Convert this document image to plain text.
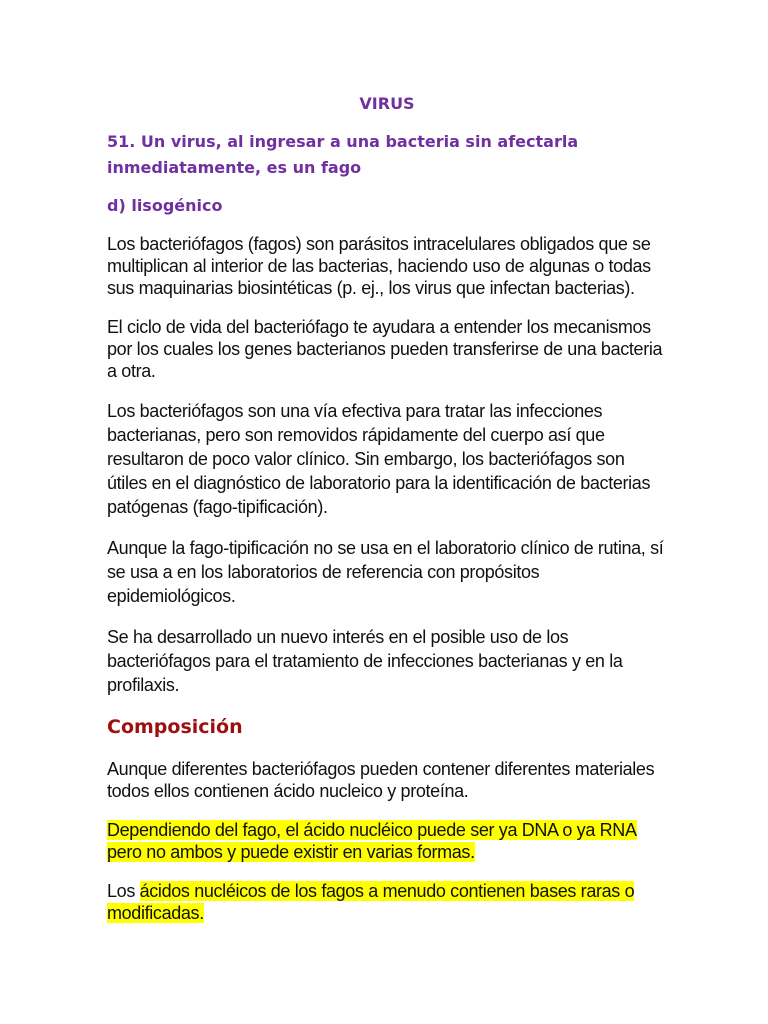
VIRUS
51. Un virus, al ingresar a una bacteria sin afectarla inmediatamente, es un fago
d) lisogénico

Los bacteriófagos (fagos) son parásitos intracelulares obligados que se multiplican al interior de las bacterias, haciendo uso de algunas o todas sus maquinarias biosintéticas (p. ej., los virus que infectan bacterias).

El ciclo de vida del bacteriófago te ayudara a entender los mecanismos por los cuales los genes bacterianos pueden transferirse de una bacteria a otra.

Los bacteriófagos son una vía efectiva para tratar las infecciones bacterianas, pero son removidos rápidamente del cuerpo así que resultaron de poco valor clínico. Sin embargo, los bacteriófagos son útiles en el diagnóstico de laboratorio para la identificación de bacterias patógenas (fago-tipificación).

Aunque la fago-tipificación no se usa en el laboratorio clínico de rutina, sí se usa a en los laboratorios de referencia con propósitos epidemiológicos.

Se ha desarrollado un nuevo interés en el posible uso de los bacteriófagos para el tratamiento de infecciones bacterianas y en la profilaxis.

Composición

Aunque diferentes bacteriófagos pueden contener diferentes materiales todos ellos contienen ácido nucleico y proteína.

Dependiendo del fago, el ácido nucléico puede ser ya DNA o ya RNA pero no ambos y puede existir en varias formas.

Los ácidos nucléicos de los fagos a menudo contienen bases raras o modificadas.
